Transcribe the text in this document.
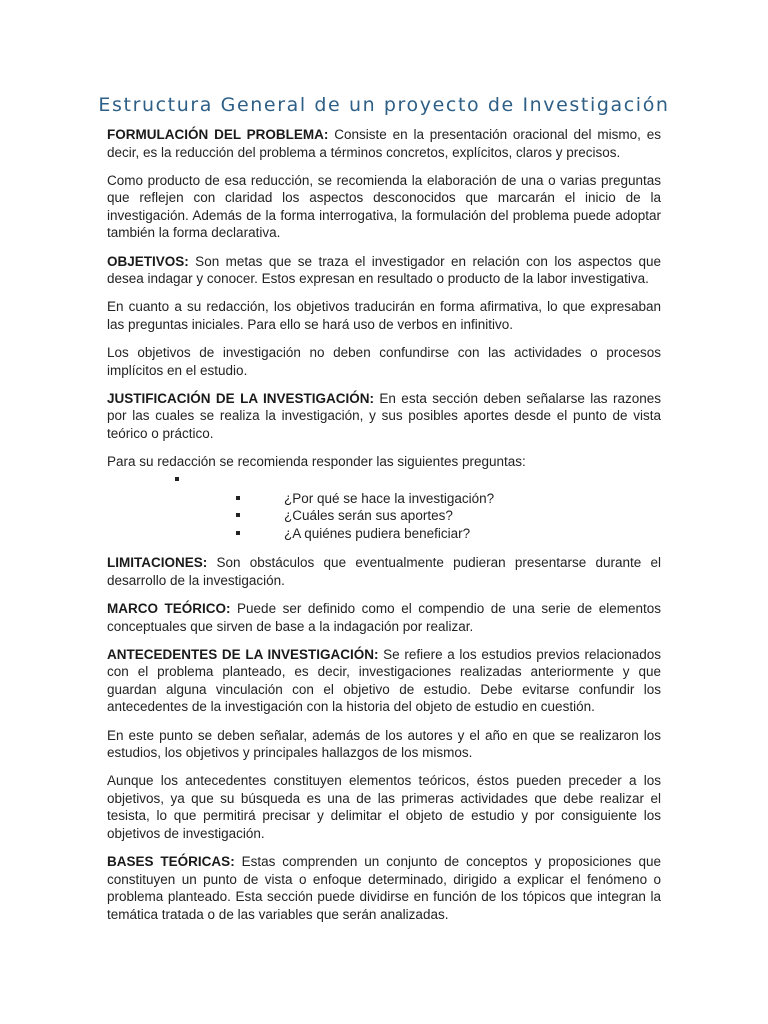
Estructura General de un proyecto de Investigación

FORMULACIÓN DEL PROBLEMA: Consiste en la presentación oracional del mismo, es decir, es la reducción del problema a términos concretos, explícitos, claros y precisos.

Como producto de esa reducción, se recomienda la elaboración de una o varias preguntas que reflejen con claridad los aspectos desconocidos que marcarán el inicio de la investigación. Además de la forma interrogativa, la formulación del problema puede adoptar también la forma declarativa.

OBJETIVOS: Son metas que se traza el investigador en relación con los aspectos que desea indagar y conocer. Estos expresan en resultado o producto de la labor investigativa.

En cuanto a su redacción, los objetivos traducirán en forma afirmativa, lo que expresaban las preguntas iniciales. Para ello se hará uso de verbos en infinitivo.

Los objetivos de investigación no deben confundirse con las actividades o procesos implícitos en el estudio.

JUSTIFICACIÓN DE LA INVESTIGACIÓN: En esta sección deben señalarse las razones por las cuales se realiza la investigación, y sus posibles aportes desde el punto de vista teórico o práctico.

Para su redacción se recomienda responder las siguientes preguntas:

¿Por qué se hace la investigación?
¿Cuáles serán sus aportes?
¿A quiénes pudiera beneficiar?

LIMITACIONES: Son obstáculos que eventualmente pudieran presentarse durante el desarrollo de la investigación.

MARCO TEÓRICO: Puede ser definido como el compendio de una serie de elementos conceptuales que sirven de base a la indagación por realizar.

ANTECEDENTES DE LA INVESTIGACIÓN: Se refiere a los estudios previos relacionados con el problema planteado, es decir, investigaciones realizadas anteriormente y que guardan alguna vinculación con el objetivo de estudio. Debe evitarse confundir los antecedentes de la investigación con la historia del objeto de estudio en cuestión.

En este punto se deben señalar, además de los autores y el año en que se realizaron los estudios, los objetivos y principales hallazgos de los mismos.

Aunque los antecedentes constituyen elementos teóricos, éstos pueden preceder a los objetivos, ya que su búsqueda es una de las primeras actividades que debe realizar el tesista, lo que permitirá precisar y delimitar el objeto de estudio y por consiguiente los objetivos de investigación.

BASES TEÓRICAS: Estas comprenden un conjunto de conceptos y proposiciones que constituyen un punto de vista o enfoque determinado, dirigido a explicar el fenómeno o problema planteado. Esta sección puede dividirse en función de los tópicos que integran la temática tratada o de las variables que serán analizadas.
